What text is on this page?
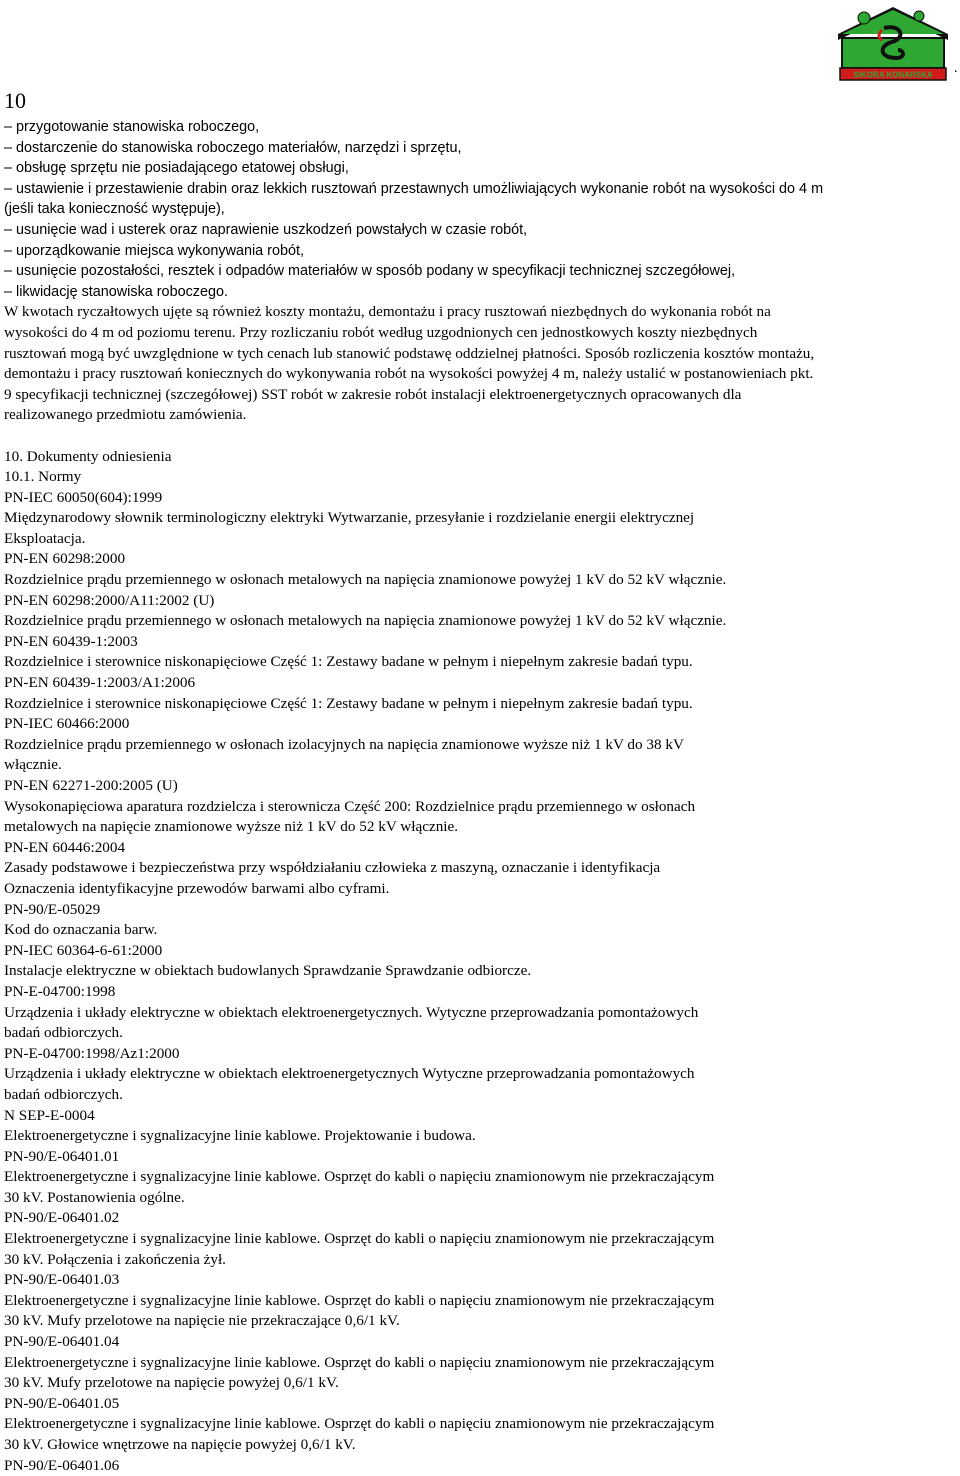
SIKORA KONARSKA .
10
– przygotowanie stanowiska roboczego,
– dostarczenie do stanowiska roboczego materiałów, narzędzi i sprzętu,
– obsługę sprzętu nie posiadającego etatowej obsługi,
– ustawienie i przestawienie drabin oraz lekkich rusztowań przestawnych umożliwiających wykonanie robót na wysokości do 4 m
(jeśli taka konieczność występuje),
– usunięcie wad i usterek oraz naprawienie uszkodzeń powstałych w czasie robót,
– uporządkowanie miejsca wykonywania robót,
– usunięcie pozostałości, resztek i odpadów materiałów w sposób podany w specyfikacji technicznej szczegółowej,
– likwidację stanowiska roboczego.
W kwotach ryczałtowych ujęte są również koszty montażu, demontażu i pracy rusztowań niezbędnych do wykonania robót na
wysokości do 4 m od poziomu terenu. Przy rozliczaniu robót według uzgodnionych cen jednostkowych koszty niezbędnych
rusztowań mogą być uwzględnione w tych cenach lub stanowić podstawę oddzielnej płatności. Sposób rozliczenia kosztów montażu,
demontażu i pracy rusztowań koniecznych do wykonywania robót na wysokości powyżej 4 m, należy ustalić w postanowieniach pkt.
9 specyfikacji technicznej (szczegółowej) SST robót w zakresie robót instalacji elektroenergetycznych opracowanych dla
realizowanego przedmiotu zamówienia.
10. Dokumenty odniesienia
10.1. Normy
PN-IEC 60050(604):1999
Międzynarodowy słownik terminologiczny elektryki Wytwarzanie, przesyłanie i rozdzielanie energii elektrycznej
Eksploatacja.
PN-EN 60298:2000
Rozdzielnice prądu przemiennego w osłonach metalowych na napięcia znamionowe powyżej 1 kV do 52 kV włącznie.
PN-EN 60298:2000/A11:2002 (U)
Rozdzielnice prądu przemiennego w osłonach metalowych na napięcia znamionowe powyżej 1 kV do 52 kV włącznie.
PN-EN 60439-1:2003
Rozdzielnice i sterownice niskonapięciowe Część 1: Zestawy badane w pełnym i niepełnym zakresie badań typu.
PN-EN 60439-1:2003/A1:2006
Rozdzielnice i sterownice niskonapięciowe Część 1: Zestawy badane w pełnym i niepełnym zakresie badań typu.
PN-IEC 60466:2000
Rozdzielnice prądu przemiennego w osłonach izolacyjnych na napięcia znamionowe wyższe niż 1 kV do 38 kV
włącznie.
PN-EN 62271-200:2005 (U)
Wysokonapięciowa aparatura rozdzielcza i sterownicza Część 200: Rozdzielnice prądu przemiennego w osłonach
metalowych na napięcie znamionowe wyższe niż 1 kV do 52 kV włącznie.
PN-EN 60446:2004
Zasady podstawowe i bezpieczeństwa przy współdziałaniu człowieka z maszyną, oznaczanie i identyfikacja
Oznaczenia identyfikacyjne przewodów barwami albo cyframi.
PN-90/E-05029
Kod do oznaczania barw.
PN-IEC 60364-6-61:2000
Instalacje elektryczne w obiektach budowlanych Sprawdzanie Sprawdzanie odbiorcze.
PN-E-04700:1998
Urządzenia i układy elektryczne w obiektach elektroenergetycznych. Wytyczne przeprowadzania pomontażowych
badań odbiorczych.
PN-E-04700:1998/Az1:2000
Urządzenia i układy elektryczne w obiektach elektroenergetycznych Wytyczne przeprowadzania pomontażowych
badań odbiorczych.
N SEP-E-0004
Elektroenergetyczne i sygnalizacyjne linie kablowe. Projektowanie i budowa.
PN-90/E-06401.01
Elektroenergetyczne i sygnalizacyjne linie kablowe. Osprzęt do kabli o napięciu znamionowym nie przekraczającym
30 kV. Postanowienia ogólne.
PN-90/E-06401.02
Elektroenergetyczne i sygnalizacyjne linie kablowe. Osprzęt do kabli o napięciu znamionowym nie przekraczającym
30 kV. Połączenia i zakończenia żył.
PN-90/E-06401.03
Elektroenergetyczne i sygnalizacyjne linie kablowe. Osprzęt do kabli o napięciu znamionowym nie przekraczającym
30 kV. Mufy przelotowe na napięcie nie przekraczające 0,6/1 kV.
PN-90/E-06401.04
Elektroenergetyczne i sygnalizacyjne linie kablowe. Osprzęt do kabli o napięciu znamionowym nie przekraczającym
30 kV. Mufy przelotowe na napięcie powyżej 0,6/1 kV.
PN-90/E-06401.05
Elektroenergetyczne i sygnalizacyjne linie kablowe. Osprzęt do kabli o napięciu znamionowym nie przekraczającym
30 kV. Głowice wnętrzowe na napięcie powyżej 0,6/1 kV.
PN-90/E-06401.06
